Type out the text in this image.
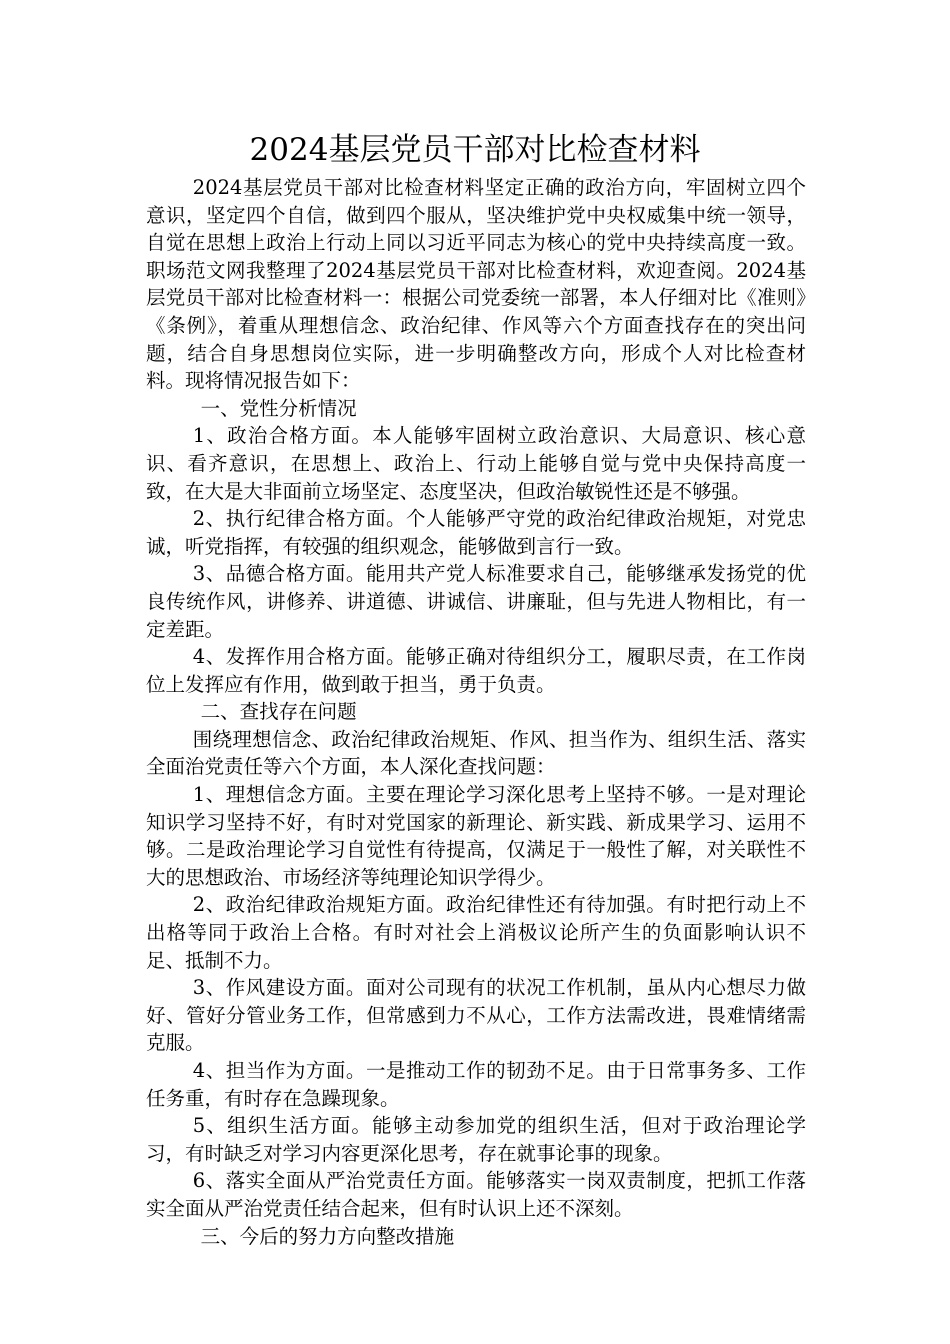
2024基层党员干部对比检查材料

2024基层党员干部对比检查材料坚定正确的政治方向，牢固树立四个意识，坚定四个自信，做到四个服从，坚决维护党中央权威集中统一领导，自觉在思想上政治上行动上同以习近平同志为核心的党中央持续高度一致。职场范文网我整理了2024基层党员干部对比检查材料，欢迎查阅。2024基层党员干部对比检查材料一：根据公司党委统一部署，本人仔细对比《准则》《条例》，着重从理想信念、政治纪律、作风等六个方面查找存在的突出问题，结合自身思想岗位实际，进一步明确整改方向，形成个人对比检查材料。现将情况报告如下：

一、党性分析情况

1、政治合格方面。本人能够牢固树立政治意识、大局意识、核心意识、看齐意识，在思想上、政治上、行动上能够自觉与党中央保持高度一致，在大是大非面前立场坚定、态度坚决，但政治敏锐性还是不够强。

2、执行纪律合格方面。个人能够严守党的政治纪律政治规矩，对党忠诚，听党指挥，有较强的组织观念，能够做到言行一致。

3、品德合格方面。能用共产党人标准要求自己，能够继承发扬党的优良传统作风，讲修养、讲道德、讲诚信、讲廉耻，但与先进人物相比，有一定差距。

4、发挥作用合格方面。能够正确对待组织分工，履职尽责，在工作岗位上发挥应有作用，做到敢于担当，勇于负责。

二、查找存在问题

围绕理想信念、政治纪律政治规矩、作风、担当作为、组织生活、落实全面治党责任等六个方面，本人深化查找问题：

1、理想信念方面。主要在理论学习深化思考上坚持不够。一是对理论知识学习坚持不好，有时对党国家的新理论、新实践、新成果学习、运用不够。二是政治理论学习自觉性有待提高，仅满足于一般性了解，对关联性不大的思想政治、市场经济等纯理论知识学得少。

2、政治纪律政治规矩方面。政治纪律性还有待加强。有时把行动上不出格等同于政治上合格。有时对社会上消极议论所产生的负面影响认识不足、抵制不力。

3、作风建设方面。面对公司现有的状况工作机制，虽从内心想尽力做好、管好分管业务工作，但常感到力不从心，工作方法需改进，畏难情绪需克服。

4、担当作为方面。一是推动工作的韧劲不足。由于日常事务多、工作任务重，有时存在急躁现象。

5、组织生活方面。能够主动参加党的组织生活，但对于政治理论学习，有时缺乏对学习内容更深化思考，存在就事论事的现象。

6、落实全面从严治党责任方面。能够落实一岗双责制度，把抓工作落实全面从严治党责任结合起来，但有时认识上还不深刻。

三、今后的努力方向整改措施
